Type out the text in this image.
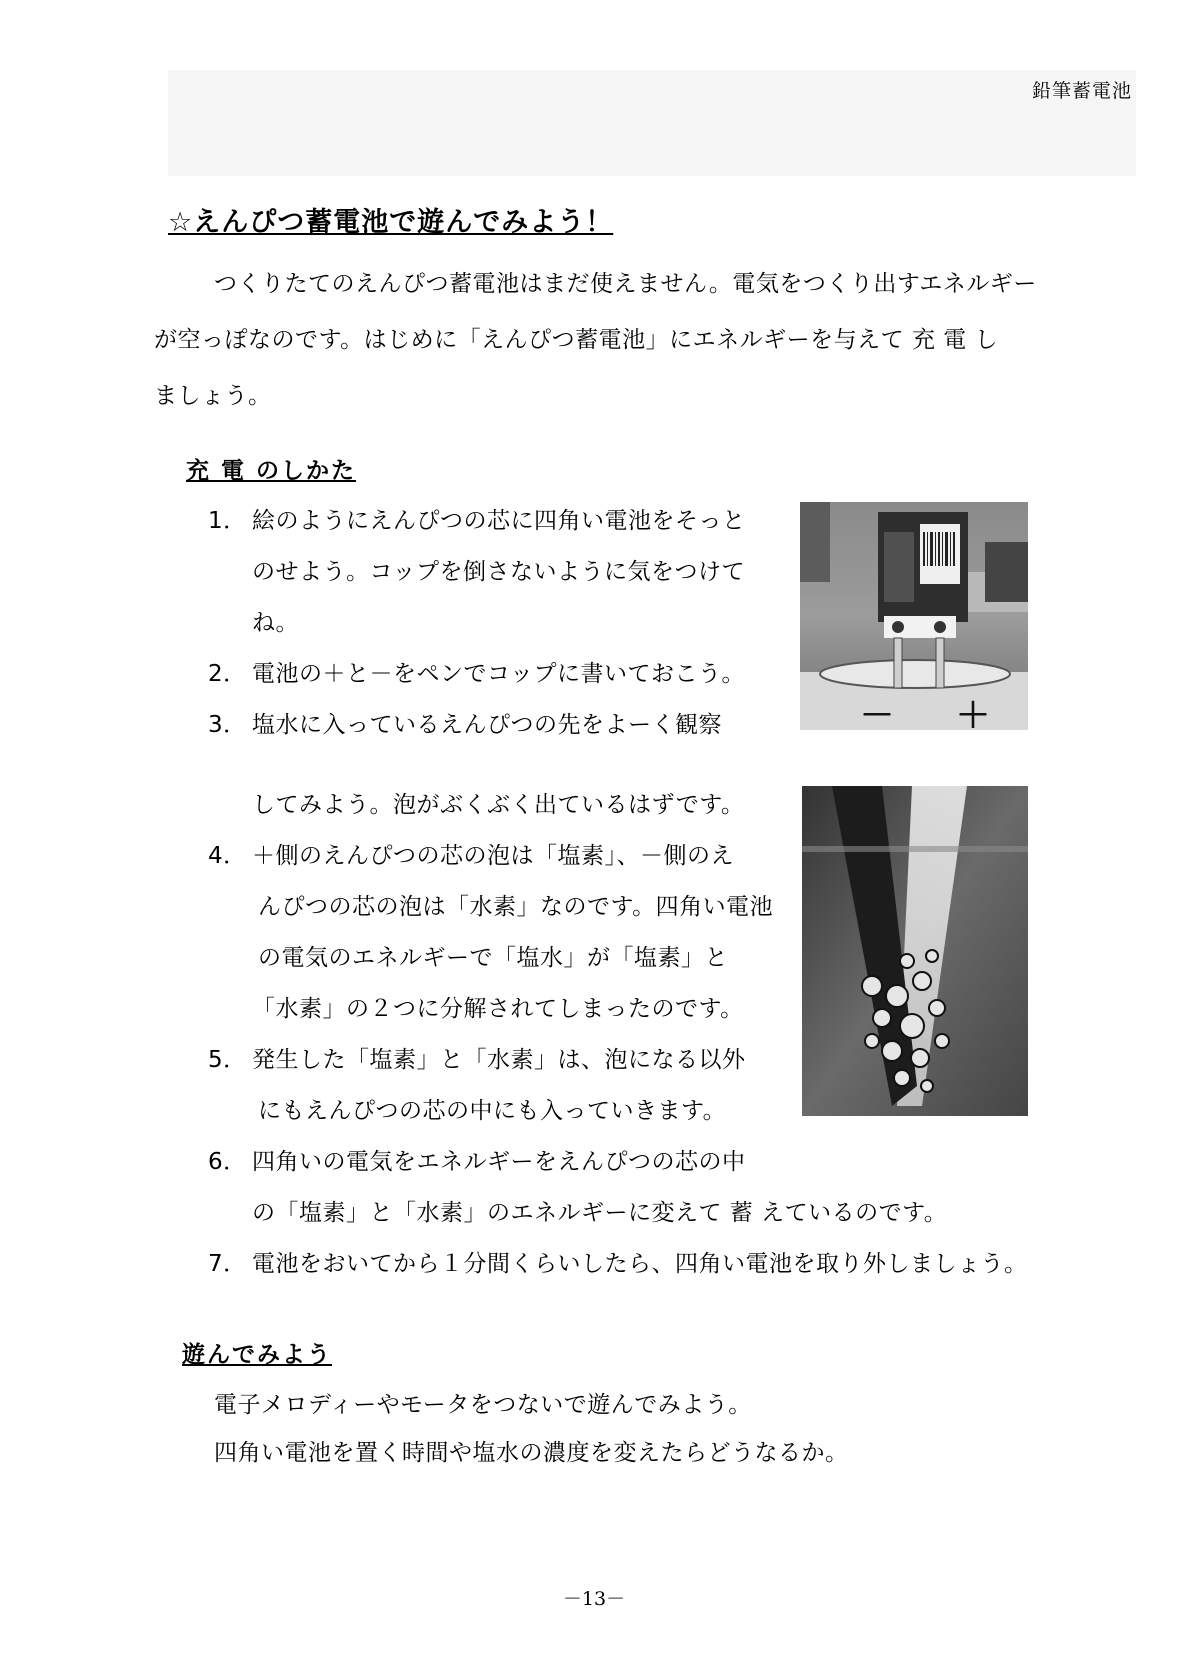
鉛筆蓄電池
☆えんぴつ蓄電池で遊んでみよう！
つくりたてのえんぴつ蓄電池はまだ使えません。電気をつくり出すエネルギー
が空っぽなのです。はじめに「えんぴつ蓄電池」にエネルギーを与えて 充 電 し
ましょう。
充 電 のしかた
1． 絵のようにえんぴつの芯に四角い電池をそっと
のせよう。コップを倒さないように気をつけて
ね。
2． 電池の＋と－をペンでコップに書いておこう。
3． 塩水に入っているえんぴつの先をよーく観察
してみよう。泡がぶくぶく出ているはずです。
4． ＋側のえんぴつの芯の泡は「塩素」、－側のえ
んぴつの芯の泡は「水素」なのです。四角い電池
の電気のエネルギーで「塩水」が「塩素」と
「水素」の２つに分解されてしまったのです。
5． 発生した「塩素」と「水素」は、泡になる以外
にもえんぴつの芯の中にも入っていきます。
6． 四角いの電気をエネルギーをえんぴつの芯の中
の「塩素」と「水素」のエネルギーに変えて 蓄 えているのです。
7． 電池をおいてから１分間くらいしたら、四角い電池を取り外しましょう。
－ ＋
遊んでみよう
電子メロディーやモータをつないで遊んでみよう。
四角い電池を置く時間や塩水の濃度を変えたらどうなるか。
－13－
